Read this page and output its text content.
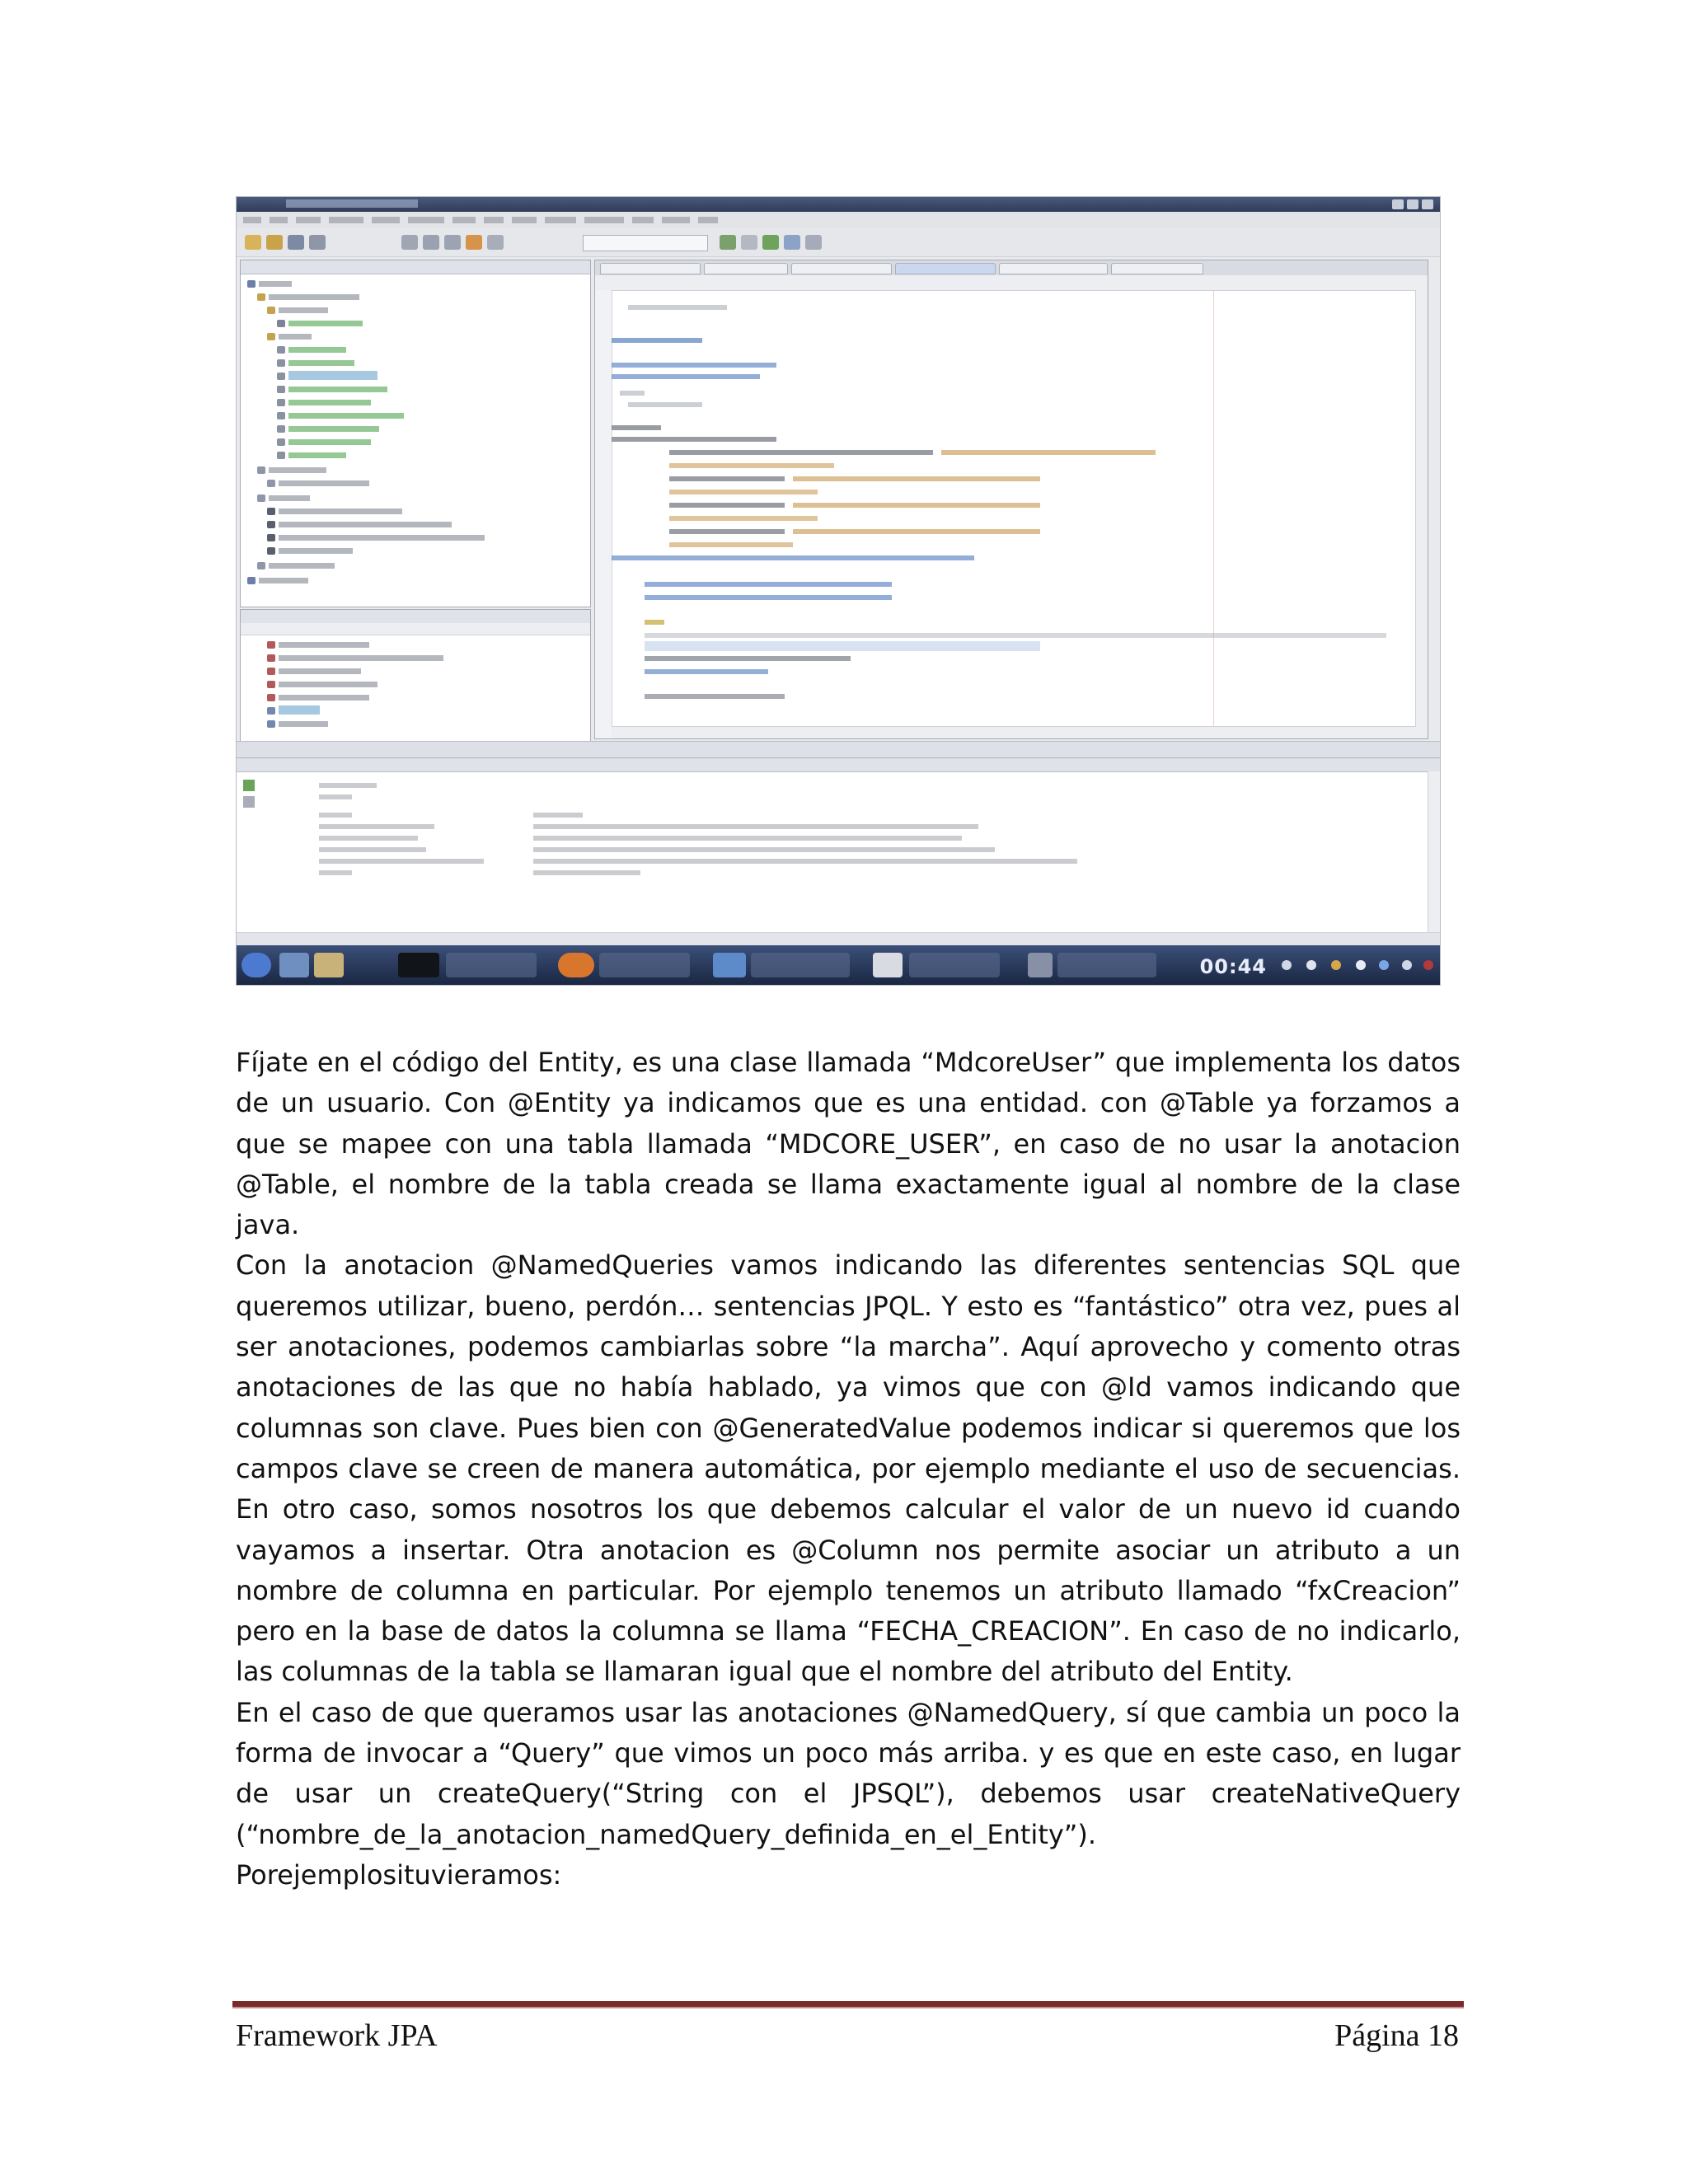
00:44

Fíjate en el código del Entity, es una clase llamada “MdcoreUser” que implementa los datos de un usuario. Con @Entity ya indicamos que es una entidad. con @Table ya forzamos a que se mapee con una tabla llamada “MDCORE_USER”, en caso de no usar la anotacion @Table, el nombre de la tabla creada se llama exactamente igual al nombre de la clase java.

Con la anotacion @NamedQueries vamos indicando las diferentes sentencias SQL que queremos utilizar, bueno, perdón… sentencias JPQL. Y esto es “fantástico” otra vez, pues al ser anotaciones, podemos cambiarlas sobre “la marcha”. Aquí aprovecho y comento otras anotaciones de las que no había hablado, ya vimos que con @Id vamos indicando que columnas son clave. Pues bien con @GeneratedValue podemos indicar si queremos que los campos clave se creen de manera automática, por ejemplo mediante el uso de secuencias. En otro caso, somos nosotros los que debemos calcular el valor de un nuevo id cuando vayamos a insertar. Otra anotacion es @Column nos permite asociar un atributo a un nombre de columna en particular. Por ejemplo tenemos un atributo llamado “fxCreacion” pero en la base de datos la columna se llama “FECHA_CREACION”. En caso de no indicarlo, las columnas de la tabla se llamaran igual que el nombre del atributo del Entity.

En el caso de que queramos usar las anotaciones @NamedQuery, sí que cambia un poco la forma de invocar a “Query” que vimos un poco más arriba. y es que en este caso, en lugar de usar un createQuery(“String con el JPSQL”), debemos usar createNativeQuery (“nombre_de_la_anotacion_namedQuery_definida_en_el_Entity”).

Porejemplosituvieramos:

Framework JPA	Página 18
